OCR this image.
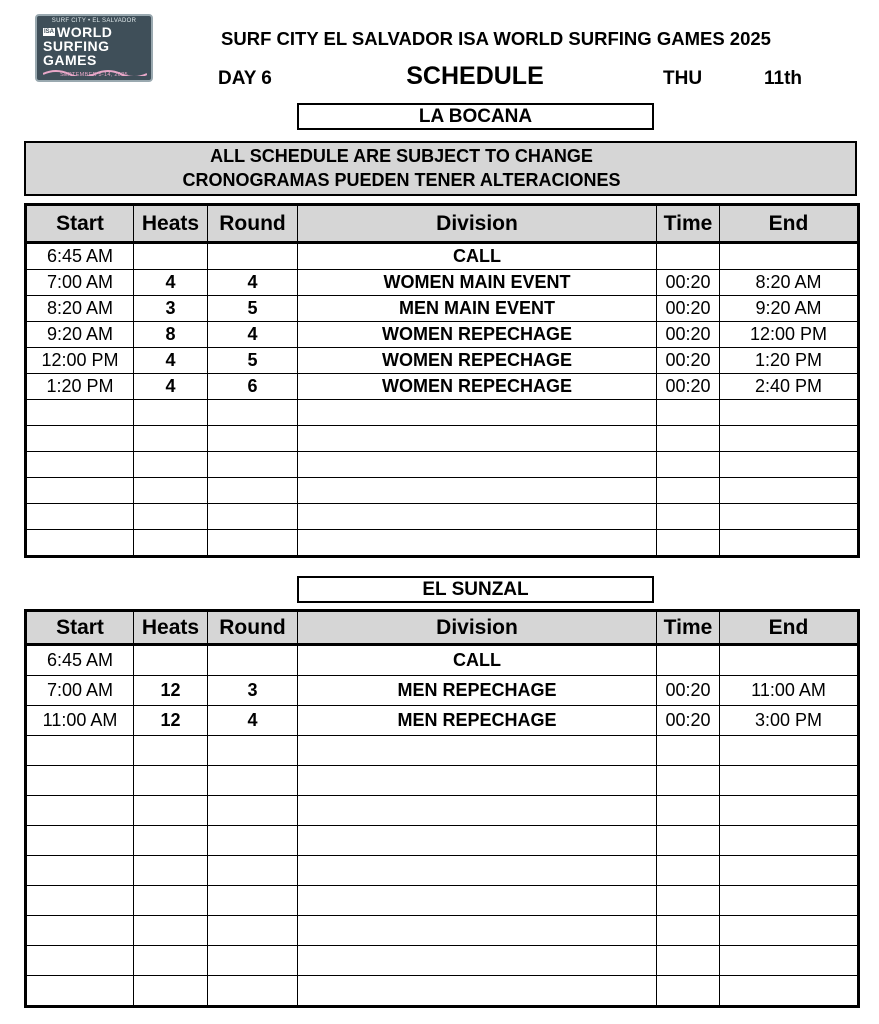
SURF CITY • EL SALVADOR
ISA WORLD
SURFING
GAMES
SEPTEMBER 5-14, 2025
SURF CITY EL SALVADOR ISA WORLD SURFING GAMES 2025
DAY 6	SCHEDULE	THU	11th
LA BOCANA
ALL SCHEDULE ARE SUBJECT TO CHANGE
CRONOGRAMAS PUEDEN TENER ALTERACIONES
Start	Heats	Round	Division	Time	End
6:45 AM			CALL		
7:00 AM	4	4	WOMEN MAIN EVENT	00:20	8:20 AM
8:20 AM	3	5	MEN MAIN EVENT	00:20	9:20 AM
9:20 AM	8	4	WOMEN REPECHAGE	00:20	12:00 PM
12:00 PM	4	5	WOMEN REPECHAGE	00:20	1:20 PM
1:20 PM	4	6	WOMEN REPECHAGE	00:20	2:40 PM

EL SUNZAL
Start	Heats	Round	Division	Time	End
6:45 AM			CALL		
7:00 AM	12	3	MEN REPECHAGE	00:20	11:00 AM
11:00 AM	12	4	MEN REPECHAGE	00:20	3:00 PM
